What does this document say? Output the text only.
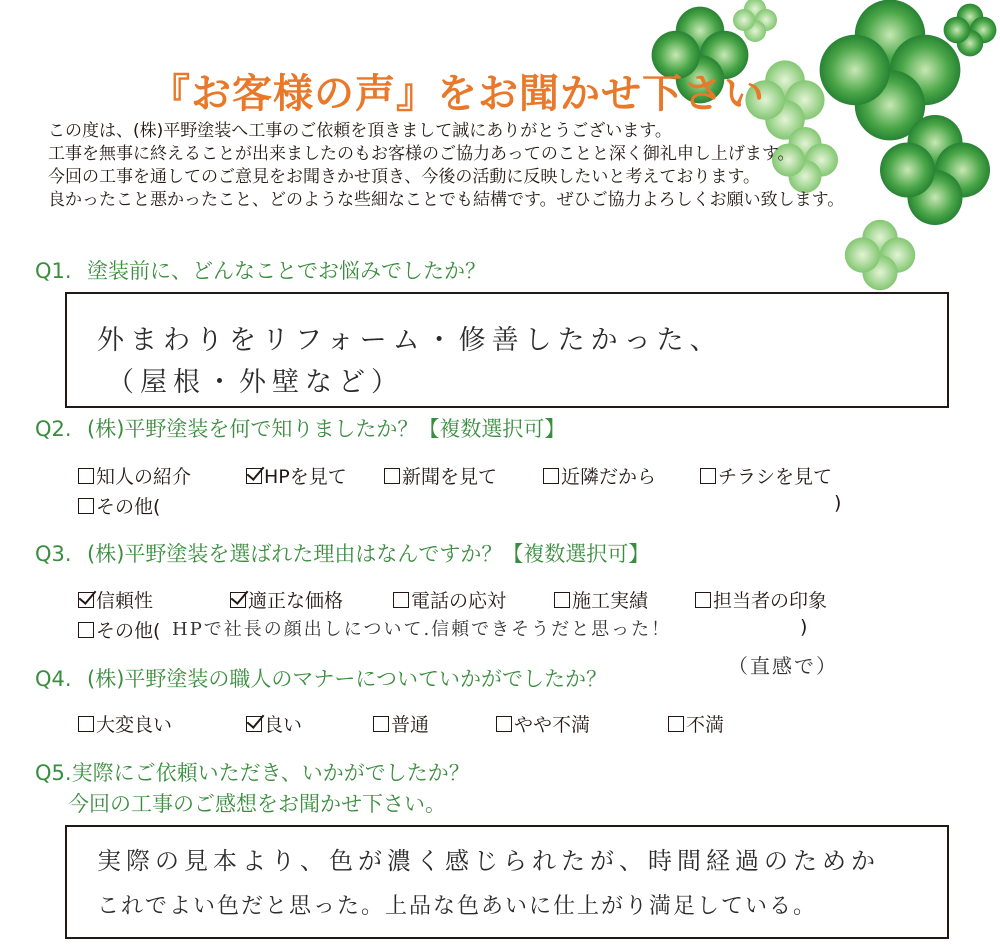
『お客様の声』をお聞かせ下さい
この度は、(株)平野塗装へ工事のご依頼を頂きまして誠にありがとうございます。
工事を無事に終えることが出来ましたのもお客様のご協力あってのことと深く御礼申し上げます。
今回の工事を通してのご意見をお聞きかせ頂き、今後の活動に反映したいと考えております。
良かったこと悪かったこと、どのような些細なことでも結構です。ぜひご協力よろしくお願い致します。
Q1. 塗装前に、どんなことでお悩みでしたか？
外まわりをリフォーム・修善したかった、
（屋根・外壁など）
Q2. (株)平野塗装を何で知りましたか？【複数選択可】
知人の紹介	HPを見て	新聞を見て	近隣だから	チラシを見て
その他(	)
Q3. (株)平野塗装を選ばれた理由はなんですか？【複数選択可】
信頼性	適正な価格	電話の応対	施工実績	担当者の印象
その他( HPで社長の顔出しについて.信頼できそうだと思った！	)
Q4. (株)平野塗装の職人のマナーについていかがでしたか？
（直感で）
大変良い	良い	普通	やや不満	不満
Q5.実際にご依頼いただき、いかがでしたか？
今回の工事のご感想をお聞かせ下さい。
実際の見本より、色が濃く感じられたが、時間経過のためか
これでよい色だと思った。上品な色あいに仕上がり満足している。
